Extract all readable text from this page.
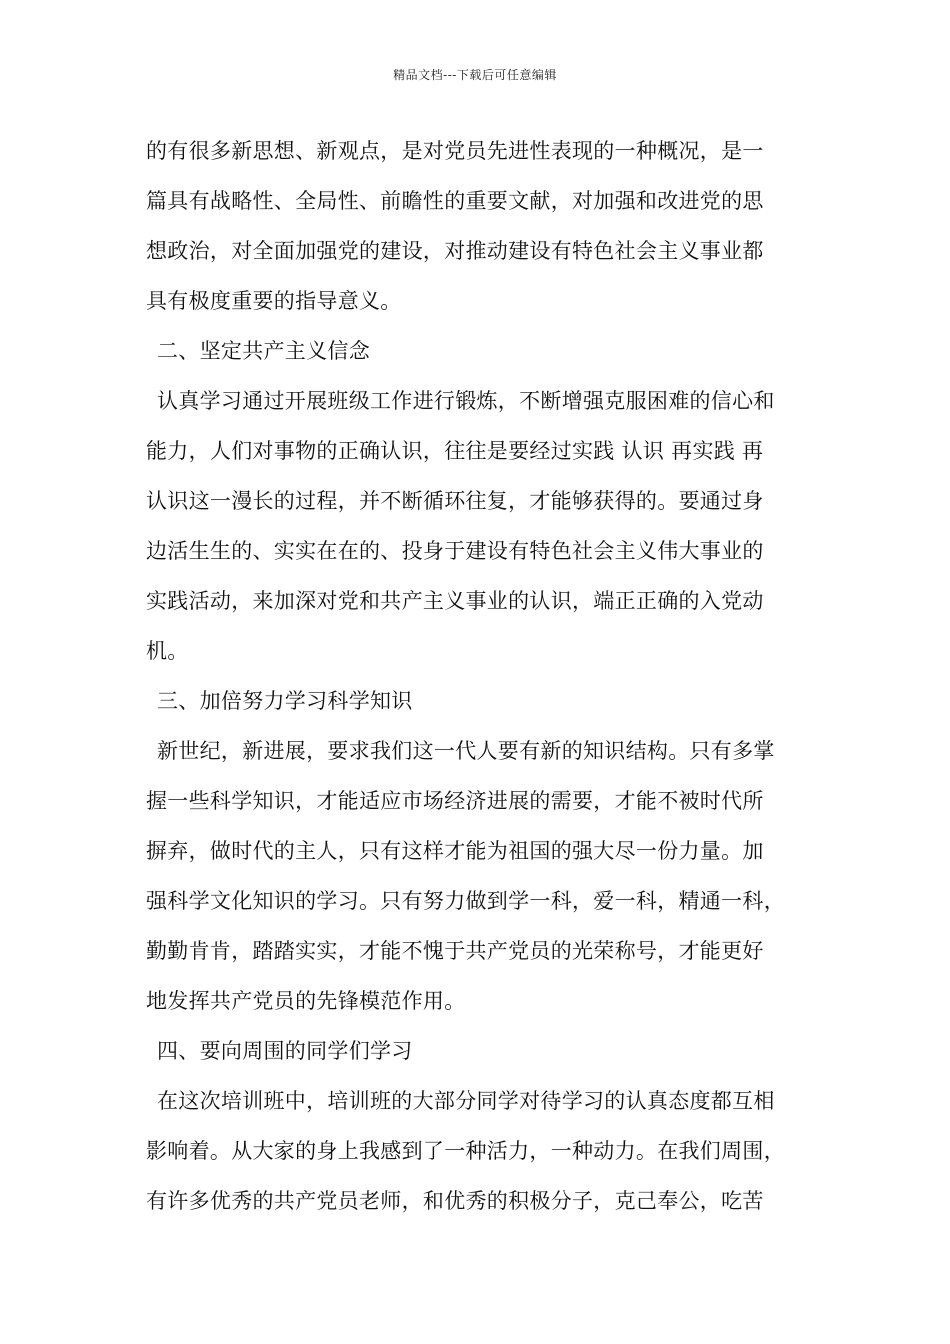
精品文档---下载后可任意编辑
的有很多新思想、新观点，是对党员先进性表现的一种概况，是一
篇具有战略性、全局性、前瞻性的重要文献，对加强和改进党的思
想政治，对全面加强党的建设，对推动建设有特色社会主义事业都
具有极度重要的指导意义。
二、坚定共产主义信念
认真学习通过开展班级工作进行锻炼，不断增强克服困难的信心和
能力，人们对事物的正确认识，往往是要经过实践 认识 再实践 再
认识这一漫长的过程，并不断循环往复，才能够获得的。要通过身
边活生生的、实实在在的、投身于建设有特色社会主义伟大事业的
实践活动，来加深对党和共产主义事业的认识，端正正确的入党动
机。
三、加倍努力学习科学知识
新世纪，新进展，要求我们这一代人要有新的知识结构。只有多掌
握一些科学知识，才能适应市场经济进展的需要，才能不被时代所
摒弃，做时代的主人，只有这样才能为祖国的强大尽一份力量。加
强科学文化知识的学习。只有努力做到学一科，爱一科，精通一科，
勤勤肯肯，踏踏实实，才能不愧于共产党员的光荣称号，才能更好
地发挥共产党员的先锋模范作用。
四、要向周围的同学们学习
在这次培训班中，培训班的大部分同学对待学习的认真态度都互相
影响着。从大家的身上我感到了一种活力，一种动力。在我们周围，
有许多优秀的共产党员老师，和优秀的积极分子，克己奉公，吃苦
